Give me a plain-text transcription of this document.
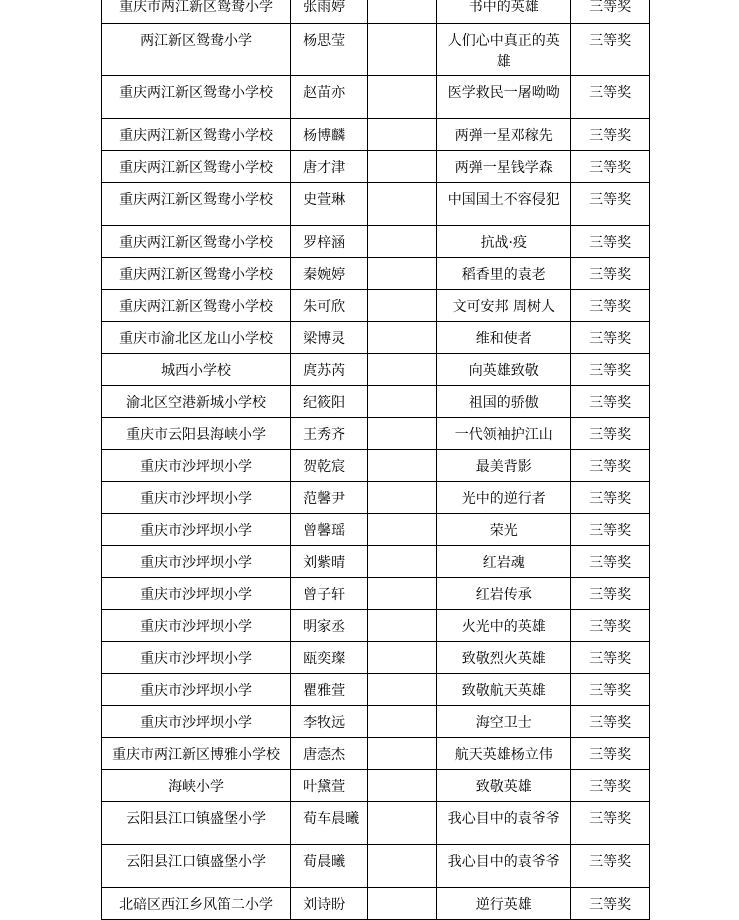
重庆市两江新区鸳鸯小学	张雨婷		书中的英雄	三等奖
两江新区鸳鸯小学	杨思莹		人们心中真正的英雄	三等奖
重庆两江新区鸳鸯小学校	赵苗亦		医学救民一屠呦呦	三等奖
重庆两江新区鸳鸯小学校	杨博麟		两弹一星邓稼先	三等奖
重庆两江新区鸳鸯小学校	唐才津		两弹一星钱学森	三等奖
重庆两江新区鸳鸯小学校	史萱琳		中国国土不容侵犯	三等奖
重庆两江新区鸳鸯小学校	罗梓涵		抗战·疫	三等奖
重庆两江新区鸳鸯小学校	秦婉婷		稻香里的袁老	三等奖
重庆两江新区鸳鸯小学校	朱可欣		文可安邦 周树人	三等奖
重庆市渝北区龙山小学校	梁博灵		维和使者	三等奖
城西小学校	庹苏芮		向英雄致敬	三等奖
渝北区空港新城小学校	纪筱阳		祖国的骄傲	三等奖
重庆市云阳县海峡小学	王秀齐		一代领袖护江山	三等奖
重庆市沙坪坝小学	贺乾宸		最美背影	三等奖
重庆市沙坪坝小学	范馨尹		光中的逆行者	三等奖
重庆市沙坪坝小学	曾馨瑶		荣光	三等奖
重庆市沙坪坝小学	刘紫晴		红岩魂	三等奖
重庆市沙坪坝小学	曾子轩		红岩传承	三等奖
重庆市沙坪坝小学	明家丞		火光中的英雄	三等奖
重庆市沙坪坝小学	瓯奕璨		致敬烈火英雄	三等奖
重庆市沙坪坝小学	瞿雅萱		致敬航天英雄	三等奖
重庆市沙坪坝小学	李牧远		海空卫士	三等奖
重庆市两江新区博雅小学校	唐悫杰		航天英雄杨立伟	三等奖
海峡小学	叶黛萱		致敬英雄	三等奖
云阳县江口镇盛堡小学	荀车晨曦		我心目中的袁爷爷	三等奖
云阳县江口镇盛堡小学	荀晨曦		我心目中的袁爷爷	三等奖
北碚区西江乡风笛二小学	刘诗盼		逆行英雄	三等奖
